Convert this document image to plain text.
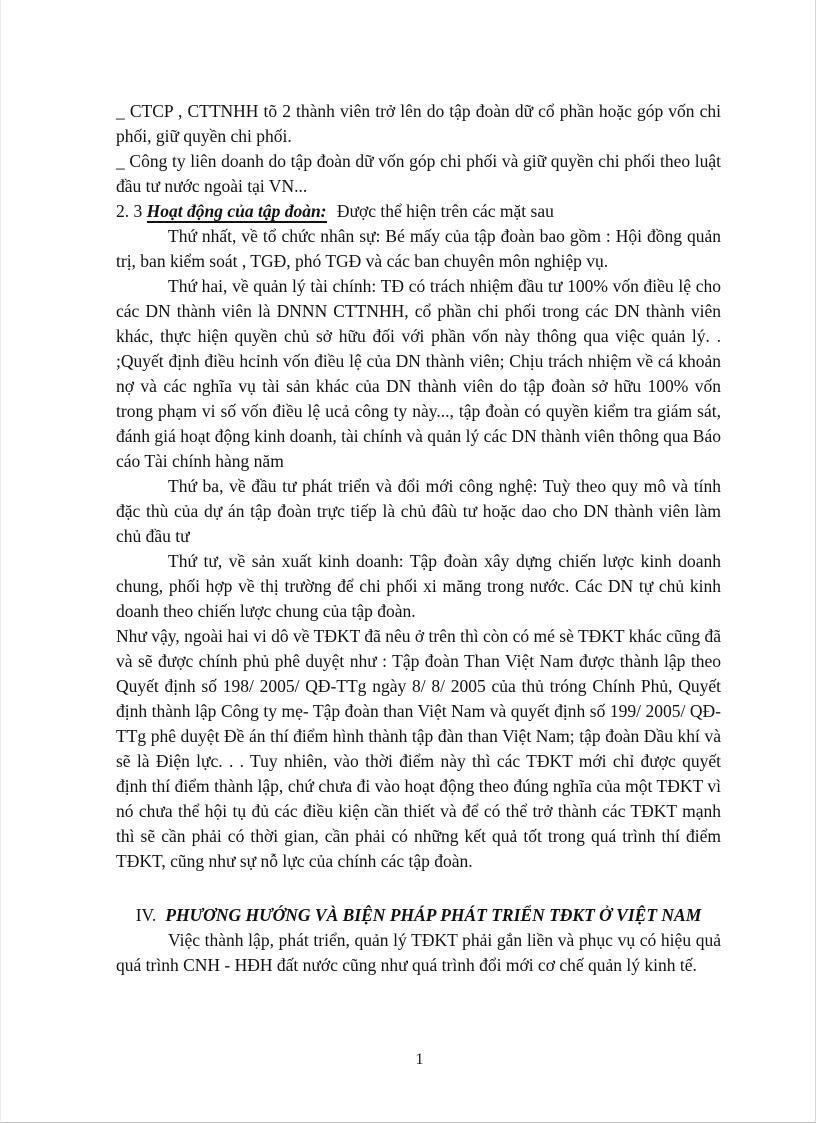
_ CTCP , CTTNHH tõ 2 thành viên trở lên do tập đoàn dữ cổ phần hoặc góp vốn chi phối, giữ quyền chi phối.

_ Công ty liên doanh do tập đoàn dữ vốn góp chi phối và giữ quyền chi phối theo luật đầu tư nước ngoài tại VN...

2. 3 Hoạt động của tập đoàn: Được thể hiện trên các mặt sau

Thứ nhất, về tổ chức nhân sự: Bé mấy của tập đoàn bao gồm : Hội đồng quản trị, ban kiểm soát , TGĐ, phó TGĐ và các ban chuyên môn nghiệp vụ.

Thứ hai, về quản lý tài chính: TĐ có trách nhiệm đầu tư 100% vốn điều lệ cho các DN thành viên là DNNN CTTNHH, cổ phần chi phối trong các DN thành viên khác, thực hiện quyền chủ sở hữu đối với phần vốn này thông qua việc quản lý. . ;Quyết định điều hcỉnh vốn điều lệ của DN thành viên; Chịu trách nhiệm về cá khoản nợ và các nghĩa vụ tài sản khác của DN thành viên do tập đoàn sở hữu 100% vốn trong phạm vi số vốn điều lệ ucả công ty này..., tập đoàn có quyền kiểm tra giám sát, đánh giá hoạt động kinh doanh, tài chính và quản lý các DN thành viên thông qua Báo cáo Tài chính hàng năm

Thứ ba, về đầu tư phát triển và đổi mới công nghệ: Tuỳ theo quy mô và tính đặc thù của dự án tập đoàn trực tiếp là chủ đâù tư hoặc dao cho DN thành viên làm chủ đầu tư

Thứ tư, về sản xuất kinh doanh: Tập đoàn xây dựng chiến lược kinh doanh chung, phối hợp về thị trường để chi phối xi măng trong nước. Các DN tự chủ kinh doanh theo chiến lược chung của tập đoàn.

Như vậy, ngoài hai vi dô về TĐKT đã nêu ở trên thì còn có mé sè TĐKT khác cũng đã và sẽ được chính phủ phê duyệt như : Tập đoàn Than Việt Nam được thành lập theo Quyết định số 198/ 2005/ QĐ-TTg ngày 8/ 8/ 2005 của thủ tróng Chính Phủ, Quyết định thành lập Công ty mẹ- Tập đoàn than Việt Nam và quyết định số 199/ 2005/ QĐ-TTg phê duyệt Đề án thí điểm hình thành tập đàn than Việt Nam; tập đoàn Dầu khí và sẽ là Điện lực. . . Tuy nhiên, vào thời điểm này thì các TĐKT mới chỉ được quyết định thí điểm thành lập, chứ chưa đi vào hoạt động theo đúng nghĩa của một TĐKT vì nó chưa thể hội tụ đủ các điều kiện cần thiết và để có thể trở thành các TĐKT mạnh thì sẽ cần phải có thời gian, cần phải có những kết quả tốt trong quá trình thí điểm TĐKT, cũng như sự nỗ lực của chính các tập đoàn.

IV. PHƯƠNG HƯỚNG VÀ BIỆN PHÁP PHÁT TRIỂN TĐKT Ở VIỆT NAM

Việc thành lập, phát triển, quản lý TĐKT phải gắn liền và phục vụ có hiệu quả quá trình CNH - HĐH đất nước cũng như quá trình đổi mới cơ chế quản lý kinh tế.

1
